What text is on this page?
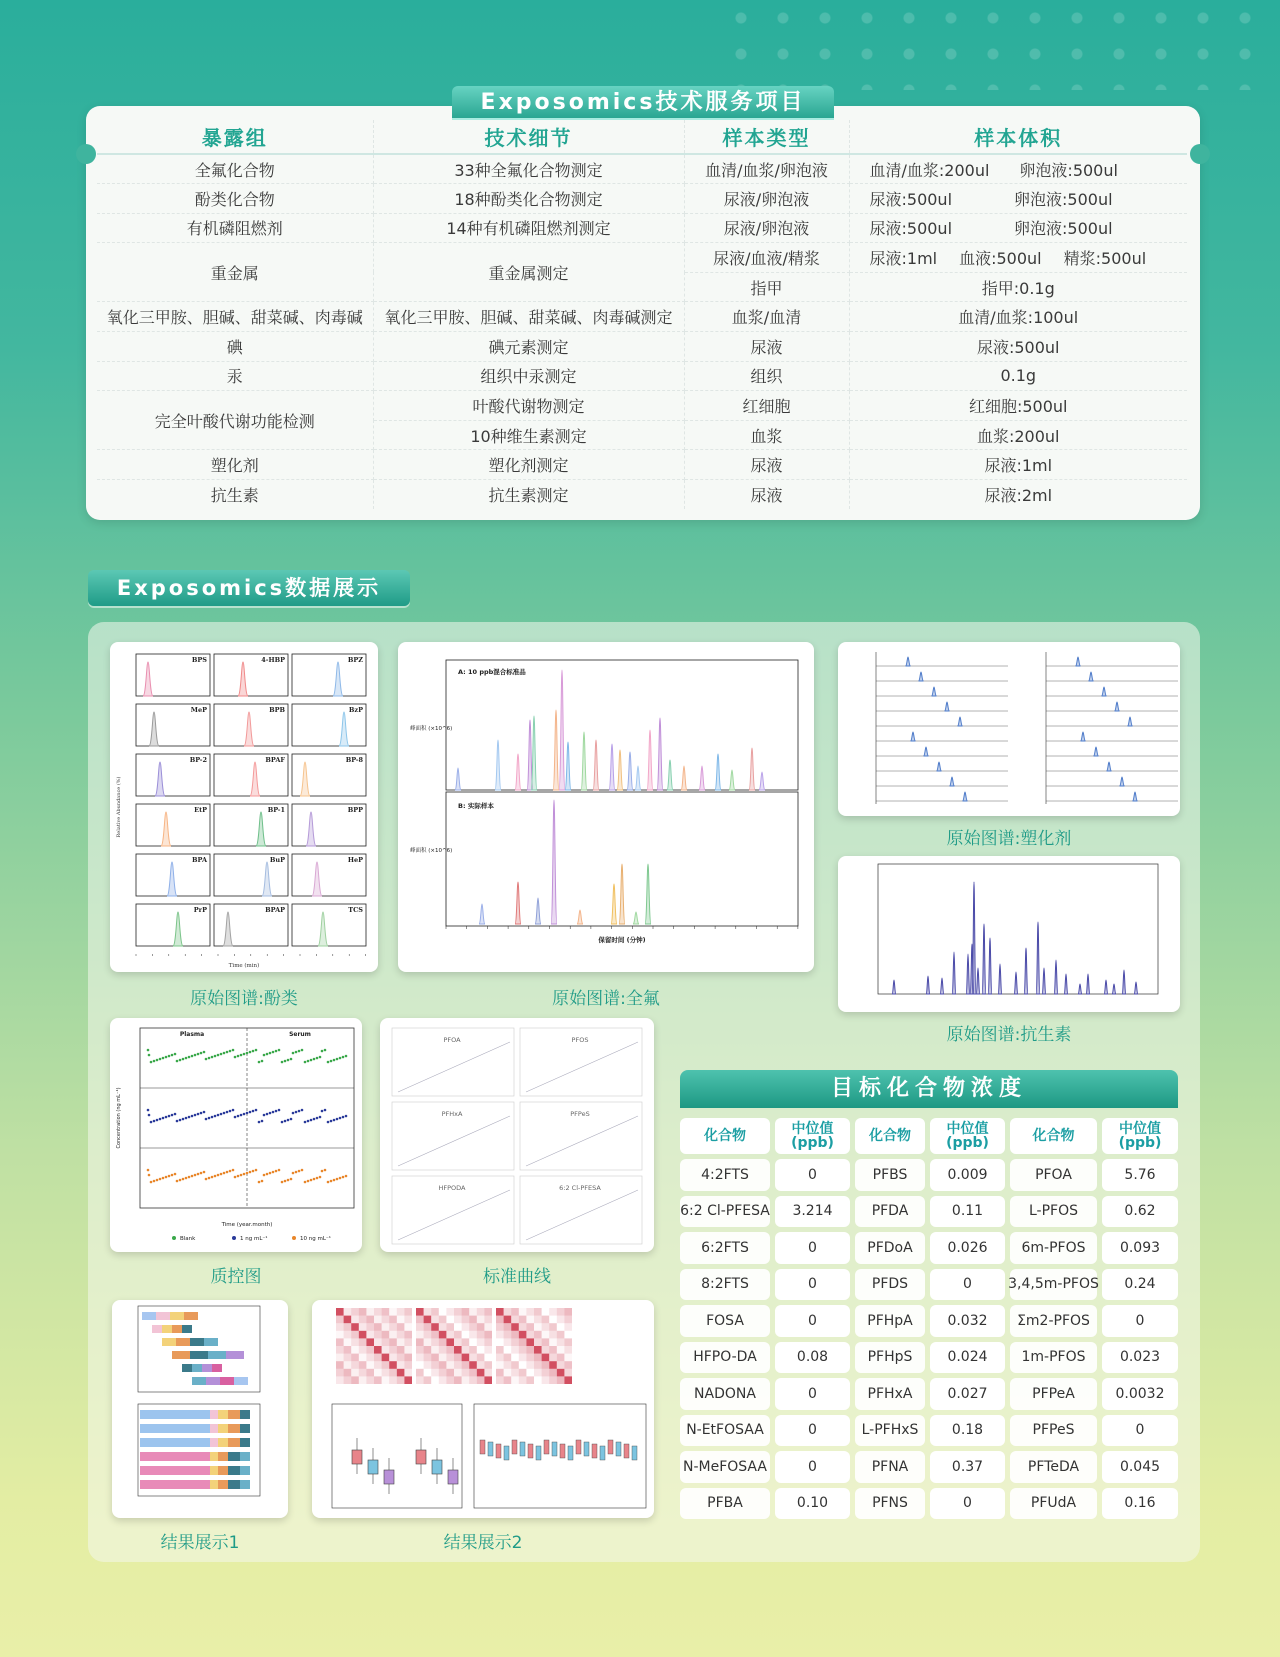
Exposomics技术服务项目
暴露组	技术细节	样本类型	样本体积
全氟化合物	33种全氟化合物测定	血清/血浆/卵泡液	血清/血浆:200ul 卵泡液:500ul

酚类化合物	18种酚类化合物测定	尿液/卵泡液	尿液:500ul 卵泡液:500ul

有机磷阻燃剂	14种有机磷阻燃剂测定	尿液/卵泡液	尿液:500ul 卵泡液:500ul

重金属	重金属测定	尿液/血液/精浆	尿液:1ml 血液:500ul 精浆:500ul

		指甲	指甲:0.1g
氧化三甲胺、胆碱、甜菜碱、肉毒碱	氧化三甲胺、胆碱、甜菜碱、肉毒碱测定	血浆/血清	血清/血浆:100ul
碘	碘元素测定	尿液	尿液:500ul
汞	组织中汞测定	组织	0.1g
完全叶酸代谢功能检测	叶酸代谢物测定	红细胞	红细胞:500ul
	10种维生素测定	血浆	血浆:200ul
塑化剂	塑化剂测定	尿液	尿液:1ml
抗生素	抗生素测定	尿液	尿液:2ml
Exposomics数据展示
Relative Abundance (%)
Time (min)
BPS	4-HBP	BPZ
MeP	BPB	BzP
BP-2	BPAF	BP-8
EtP	BP-1	BPP
BPA	BuP	HeP
PrP	BPAP	TCS
原始图谱:酚类
A: 10 ppb混合标准品
B: 实际样本
峰面积 (×10^6)
峰面积 (×10^6)
保留时间 (分钟)
原始图谱:全氟
原始图谱:塑化剂
原始图谱:抗生素
Plasma	Serum
Time (year.month)
Concentration (ng mL⁻¹)
Blank	1 ng mL⁻¹	10 ng mL⁻¹
质控图
PFOA	PFOS
PFHxA	PFPeS
HFPODA	6:2 Cl-PFESA
标准曲线
结果展示1	结果展示2
目标化合物浓度
化合物	中位值 (ppb)	化合物	中位值 (ppb)	化合物	中位值 (ppb)
4:2FTS	0	PFBS	0.009	PFOA	5.76
6:2 Cl-PFESA	3.214	PFDA	0.11	L-PFOS	0.62
6:2FTS	0	PFDoA	0.026	6m-PFOS	0.093
8:2FTS	0	PFDS	0	3,4,5m-PFOS	0.24
FOSA	0	PFHpA	0.032	Σm2-PFOS	0
HFPO-DA	0.08	PFHpS	0.024	1m-PFOS	0.023
NADONA	0	PFHxA	0.027	PFPeA	0.0032
N-EtFOSAA	0	L-PFHxS	0.18	PFPeS	0
N-MeFOSAA	0	PFNA	0.37	PFTeDA	0.045
PFBA	0.10	PFNS	0	PFUdA	0.16
